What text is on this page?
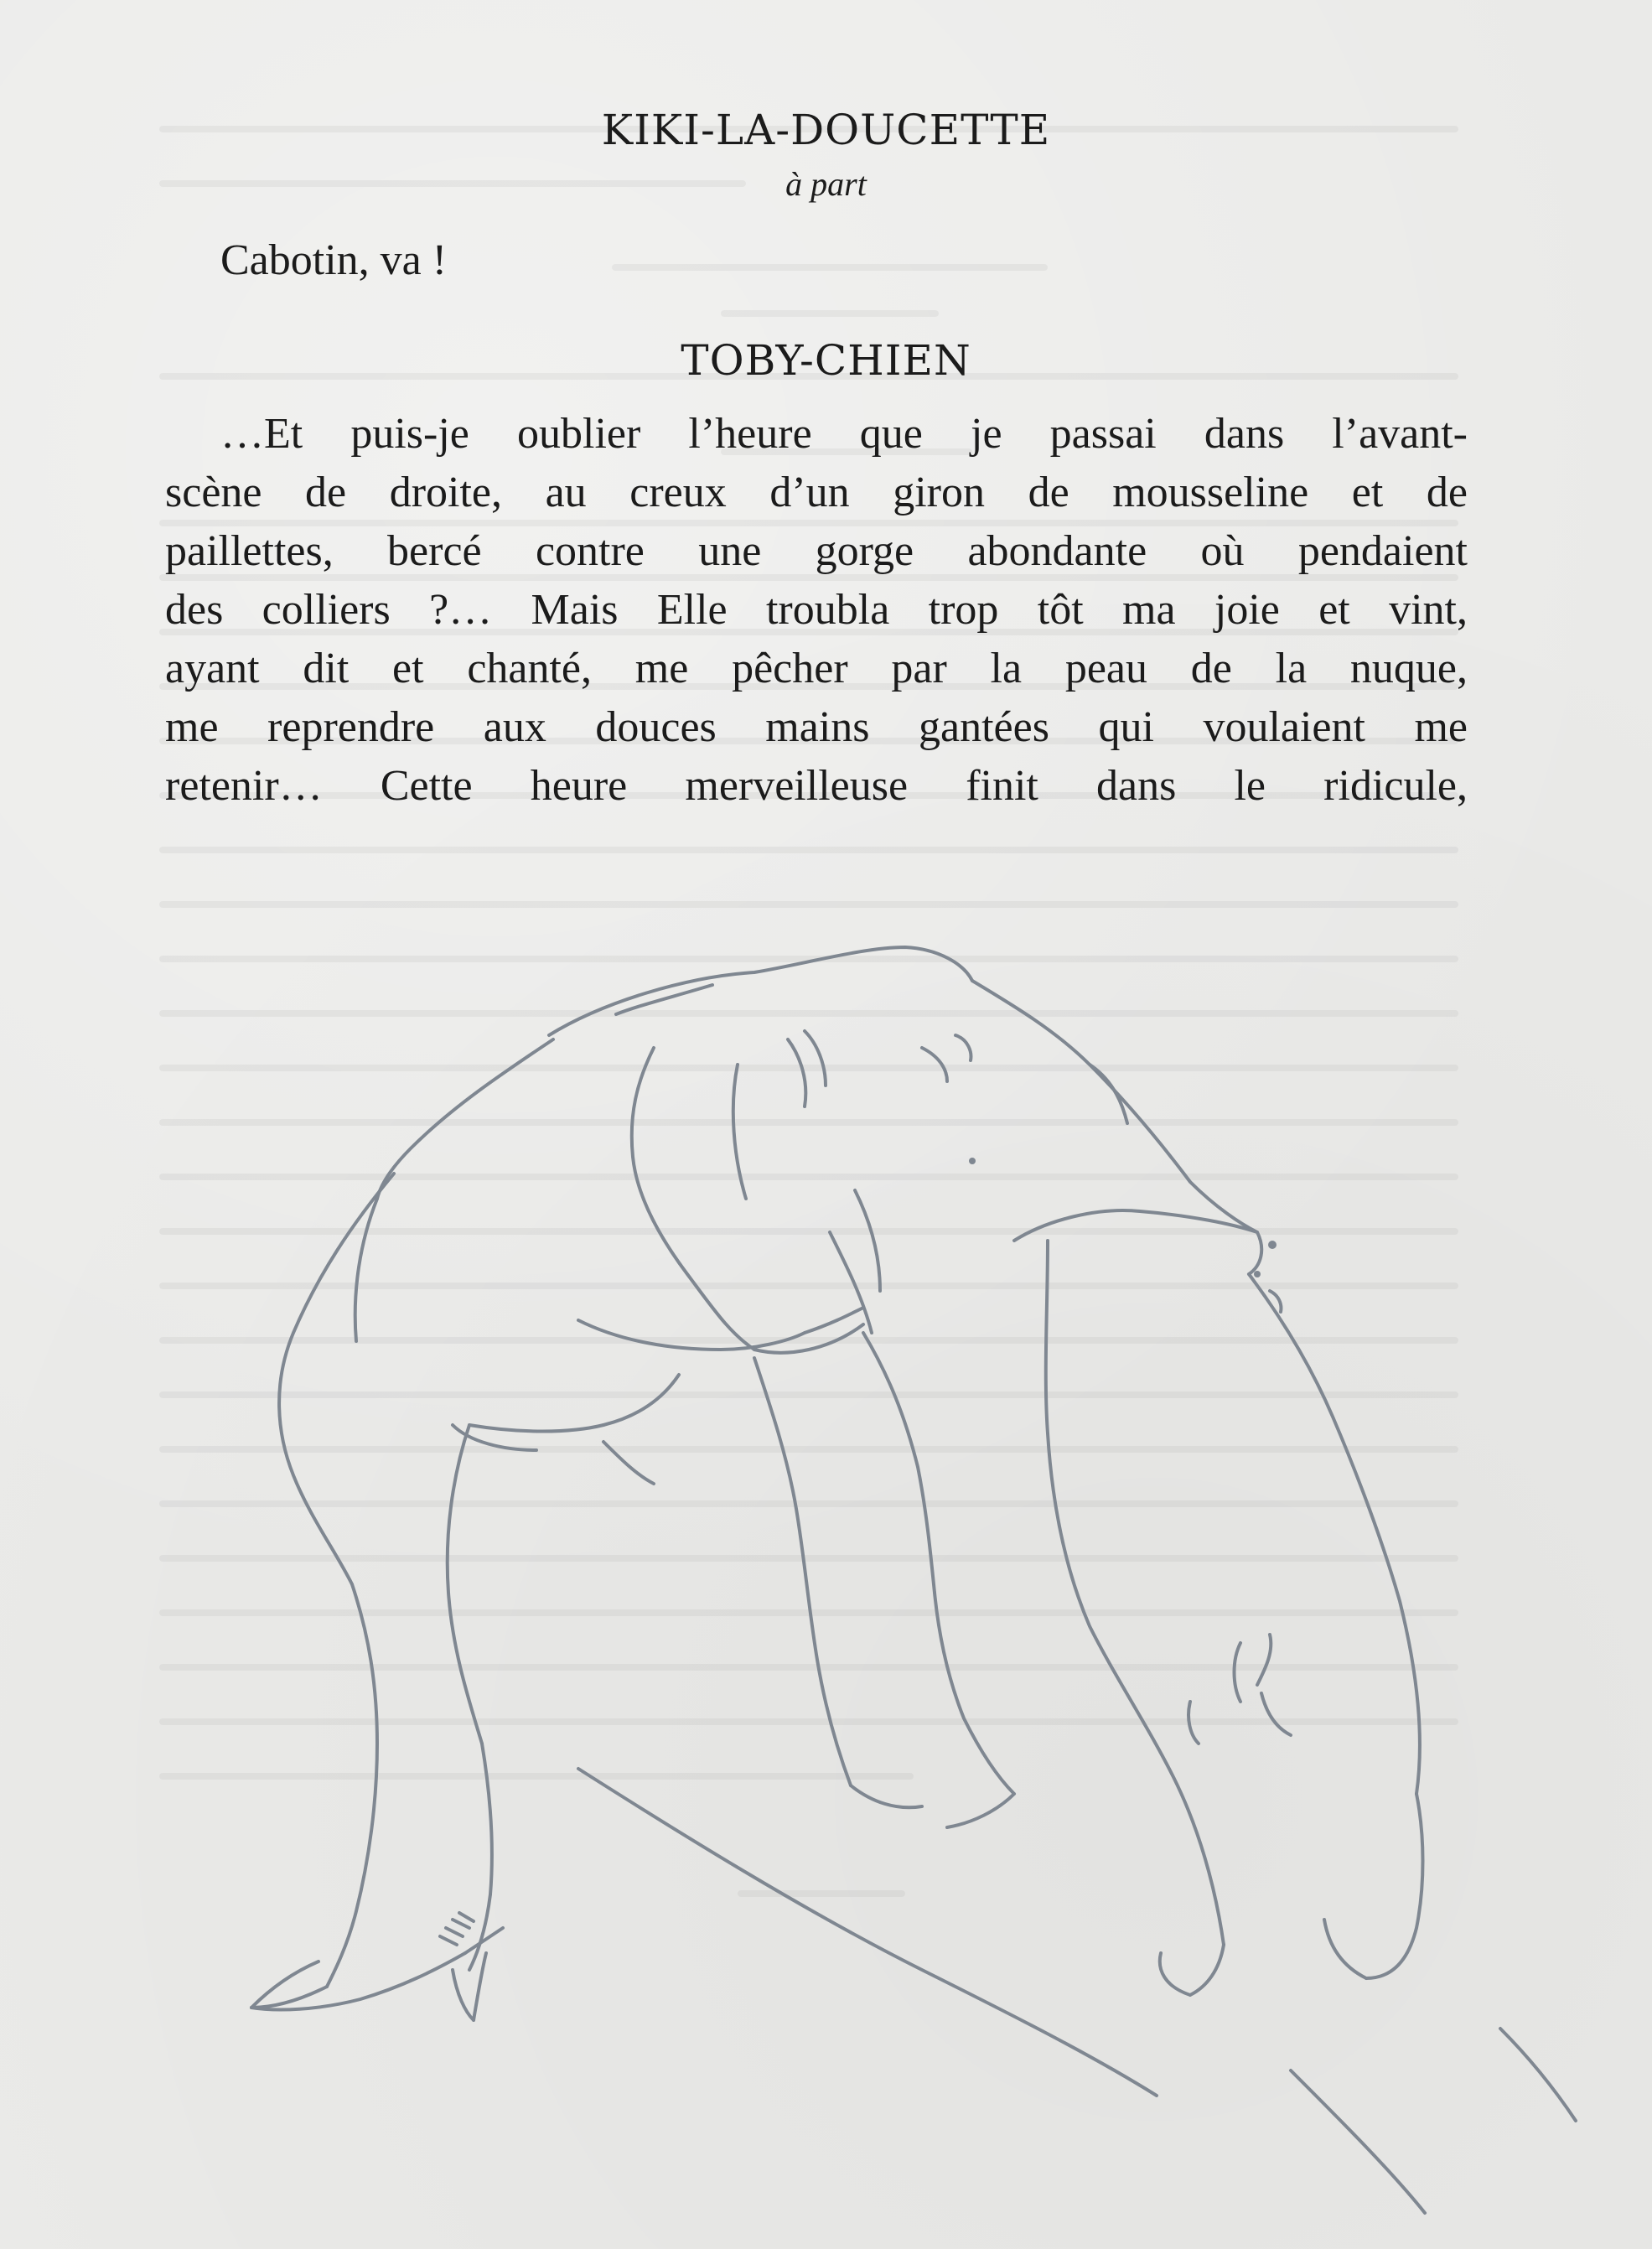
KIKI-LA-DOUCETTE
à part
Cabotin, va !
TOBY-CHIEN
…Et puis-je oublier l’heure que je passai dans l’avant-
scène de droite, au creux d’un giron de mousseline et de
paillettes, bercé contre une gorge abondante où pendaient
des colliers ?… Mais Elle troubla trop tôt ma joie et vint,
ayant dit et chanté, me pêcher par la peau de la nuque,
me reprendre aux douces mains gantées qui voulaient me
retenir… Cette heure merveilleuse finit dans le ridicule,
